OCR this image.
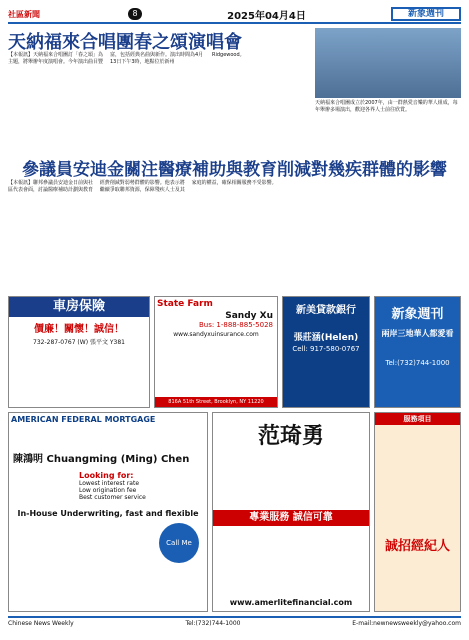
社區新聞	8	2025年04月4日	新象週刊
天納福來合唱團春之頌演唱會
【本報訊】天納福來合唱團訂「春之頌」為主題，將舉辦年度演唱會。今年演出曲目豐富，包括經典名曲與新作。演出時間為4月13日下午3時，地點位於新州Ridgewood。
天納福來合唱團成立於2007年，由一群熱愛音樂的華人組成，每年舉辦多場演出，歡迎各界人士前往欣賞。
參議員安迪金關注醫療補助與教育削減對幾疾群體的影響
【本報訊】聯邦參議員安迪金日前與社區代表會面，討論醫療補助計劃與教育經費削減對弱勢群體的影響。他表示將繼續爭取聯邦資源，保障殘疾人士及其家庭的權益，確保相關服務不受影響。
車房保險
價廉！關懷！誠信！
732-287-0767 (W) 張平文 Y381
State Farm
Sandy Xu
Bus: 1-888-885-5028
www.sandyxuinsurance.com
816A 51th Street, Brooklyn, NY 11220
新美貸款銀行
張莊涵(Helen)
Cell: 917-580-0767
新象週刊
兩岸三地華人都愛看
Tel:(732)744-1000
AMERICAN FEDERAL MORTGAGE
陳鴻明 Chuangming (Ming) Chen
Looking for:
Lowest interest rate
Low origination fee
Best customer service
Call Me
In-House Underwriting, fast and flexible
范琦勇
專業服務 誠信可靠
www.amerlitefinancial.com
服務項目
誠招經紀人
Chinese News Weekly	Tel:(732)744-1000	E-mail:newnewsweekly@yahoo.com
